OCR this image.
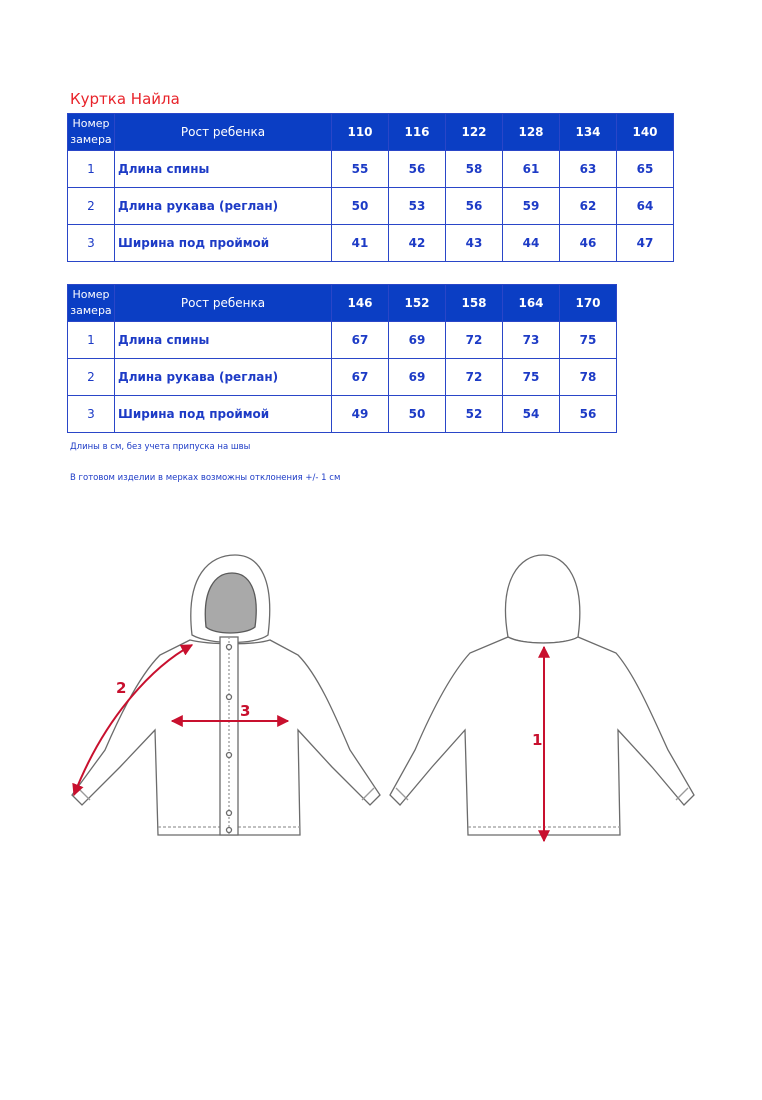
Куртка Найла
Номер
замера	Рост ребенка	110	116	122	128	134	140
1	Длина спины	55	56	58	61	63	65
2	Длина рукава (реглан)	50	53	56	59	62	64
3	Ширина под проймой	41	42	43	44	46	47
Номер
замера	Рост ребенка	146	152	158	164	170
1	Длина спины	67	69	72	73	75
2	Длина рукава (реглан)	67	69	72	75	78
3	Ширина под проймой	49	50	52	54	56
Длины в см, без учета припуска на швы
В готовом изделии в мерках возможны отклонения +/- 1 см
2
3
1
